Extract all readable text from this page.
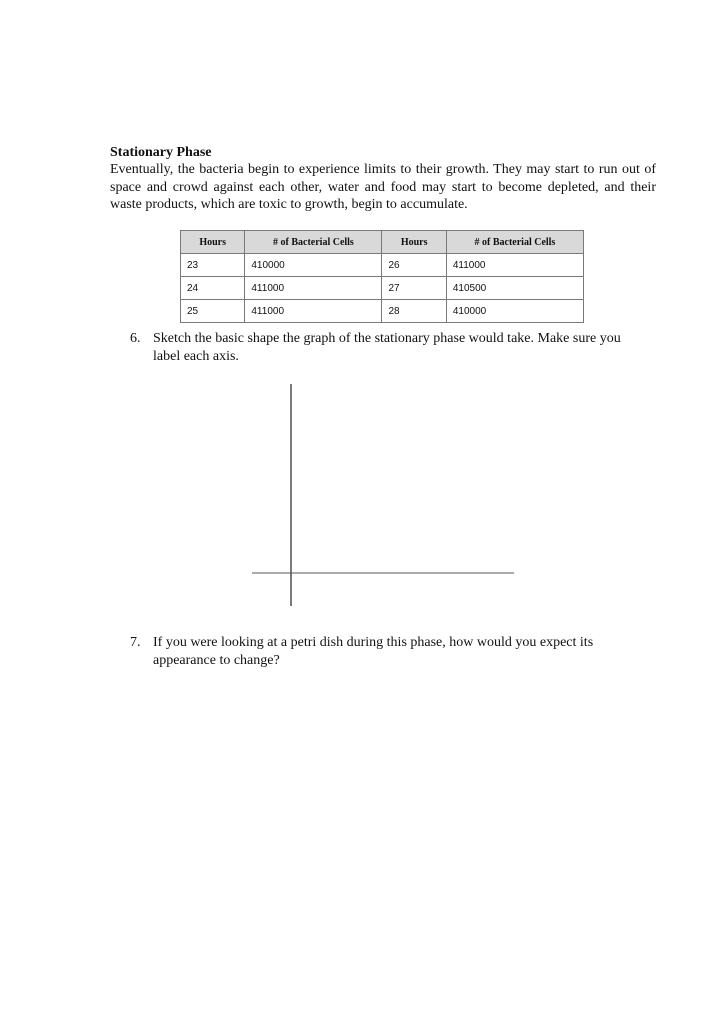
Stationary Phase

Eventually, the bacteria begin to experience limits to their growth. They may start to run out of space and crowd against each other, water and food may start to become depleted, and their waste products, which are toxic to growth, begin to accumulate.

Hours	# of Bacterial Cells	Hours	# of Bacterial Cells
23	410000	26	411000
24	411000	27	410500
25	411000	28	410000
6. Sketch the basic shape the graph of the stationary phase would take. Make sure you label each axis.
7. If you were looking at a petri dish during this phase, how would you expect its appearance to change?
